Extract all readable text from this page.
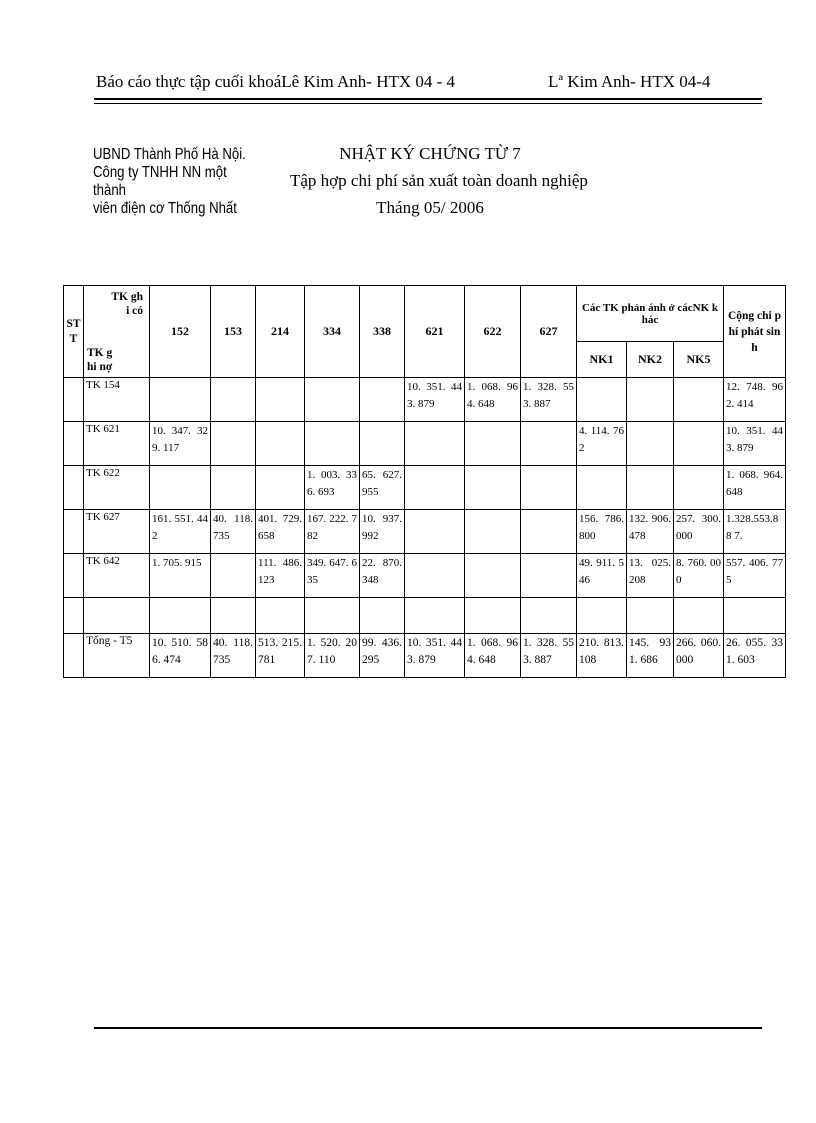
Báo cáo thực tập cuối khoáLê Kim Anh- HTX 04 - 4	Lª Kim Anh- HTX 04-4
UBND Thành Phố Hà Nội.
Công ty TNHH NN một thành
viên điện cơ Thống Nhất
NHẬT KÝ CHỨNG TỪ 7
Tập hợp chi phí sản xuất toàn doanh nghiệp
Tháng 05/ 2006
ST T	TK ghi có
TK ghi nợ	152	153	214	334	338	621	622	627	Các TK phản ánh ở cácNK khác			Cộng chi phí phát sinh
										NK1	NK2	NK5	
	TK 154						10. 351. 443. 879	1. 068. 964. 648	1. 328. 553. 887				12. 748. 962. 414
	TK 621	10. 347. 329. 117								4. 114. 762			10. 351. 443. 879
	TK 622				1. 003. 336. 693	65. 627. 955							1. 068. 964. 648
	TK 627	161. 551. 442	40. 118. 735	401. 729. 658	167. 222. 782	10. 937. 992				156. 786. 800	132. 906. 478	257. 300. 000	1.328.553.88 7.
	TK 642	1. 705. 915		111. 486. 123	349. 647. 635	22. 870. 348				49. 911. 546	13. 025. 208	8. 760. 000	557. 406. 775

	Tổng - T5	10. 510. 586. 474	40. 118. 735	513. 215. 781	1. 520. 207. 110	99. 436. 295	10. 351. 443. 879	1. 068. 964. 648	1. 328. 553. 887	210. 813. 108	145. 931. 686	266. 060. 000	26. 055. 331. 603
